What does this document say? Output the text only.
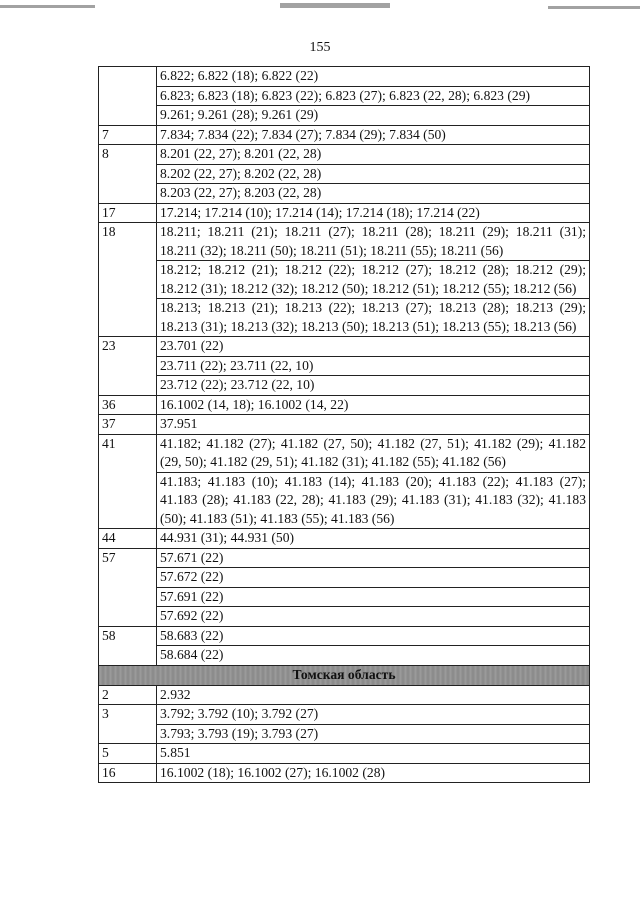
155
	6.822; 6.822 (18); 6.822 (22)
	6.823; 6.823 (18); 6.823 (22); 6.823 (27); 6.823 (22, 28); 6.823 (29)
	9.261; 9.261 (28); 9.261 (29)
7	7.834; 7.834 (22); 7.834 (27); 7.834 (29); 7.834 (50)
8	8.201 (22, 27); 8.201 (22, 28)
	8.202 (22, 27); 8.202 (22, 28)
	8.203 (22, 27); 8.203 (22, 28)
17	17.214; 17.214 (10); 17.214 (14); 17.214 (18); 17.214 (22)
18	18.211; 18.211 (21); 18.211 (27); 18.211 (28); 18.211 (29); 18.211 (31); 18.211 (32); 18.211 (50); 18.211 (51); 18.211 (55); 18.211 (56)
	18.212; 18.212 (21); 18.212 (22); 18.212 (27); 18.212 (28); 18.212 (29); 18.212 (31); 18.212 (32); 18.212 (50); 18.212 (51); 18.212 (55); 18.212 (56)
	18.213; 18.213 (21); 18.213 (22); 18.213 (27); 18.213 (28); 18.213 (29); 18.213 (31); 18.213 (32); 18.213 (50); 18.213 (51); 18.213 (55); 18.213 (56)
23	23.701 (22)
	23.711 (22); 23.711 (22, 10)
	23.712 (22); 23.712 (22, 10)
36	16.1002 (14, 18); 16.1002 (14, 22)
37	37.951
41	41.182; 41.182 (27); 41.182 (27, 50); 41.182 (27, 51); 41.182 (29); 41.182 (29, 50); 41.182 (29, 51); 41.182 (31); 41.182 (55); 41.182 (56)
	41.183; 41.183 (10); 41.183 (14); 41.183 (20); 41.183 (22); 41.183 (27); 41.183 (28); 41.183 (22, 28); 41.183 (29); 41.183 (31); 41.183 (32); 41.183 (50); 41.183 (51); 41.183 (55); 41.183 (56)
44	44.931 (31); 44.931 (50)
57	57.671 (22)
	57.672 (22)
	57.691 (22)
	57.692 (22)
58	58.683 (22)
	58.684 (22)
Томская область	
2	2.932
3	3.792; 3.792 (10); 3.792 (27)
	3.793; 3.793 (19); 3.793 (27)
5	5.851
16	16.1002 (18); 16.1002 (27); 16.1002 (28)
